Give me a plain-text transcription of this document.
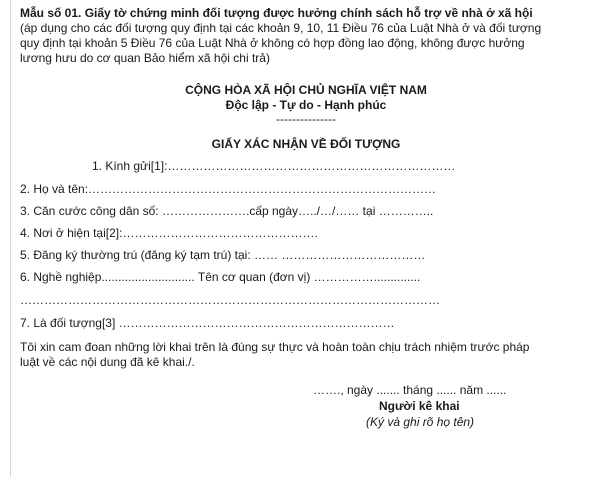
Mẫu số 01. Giấy tờ chứng minh đối tượng được hưởng chính sách hỗ trợ về nhà ở xã hội
(áp dụng cho các đối tượng quy định tại các khoản 9, 10, 11 Điều 76 của Luật Nhà ở và đối tượng
quy định tại khoản 5 Điều 76 của Luật Nhà ở không có hợp đồng lao động, không được hưởng
lương hưu do cơ quan Bảo hiểm xã hội chi trả)
CỘNG HÒA XÃ HỘI CHỦ NGHĨA VIỆT NAM
Độc lập - Tự do - Hạnh phúc
---------------
GIẤY XÁC NHẬN VỀ ĐỐI TƯỢNG
1. Kính gửi[1]:………………………………………………………………
2. Họ và tên:……………………………………………………………………………
3. Căn cước công dân số: ………………….cấp ngày…../…/…… tại …………..
4. Nơi ở hiện tại[2]:………………………………………….
5. Đăng ký thường trú (đăng ký tạm trú) tại: …… ………………………………
6. Nghề nghiệp............................ Tên cơ quan (đơn vị) ……………..............
……………………………………………………………………………………………
7. Là đối tượng[3] ……………………………………………………………
Tôi xin cam đoan những lời khai trên là đúng sự thực và hoàn toàn chịu trách nhiệm trước pháp
luật về các nội dung đã kê khai./.
……., ngày ....... tháng ...... năm ......
Người kê khai
(Ký và ghi rõ họ tên)
